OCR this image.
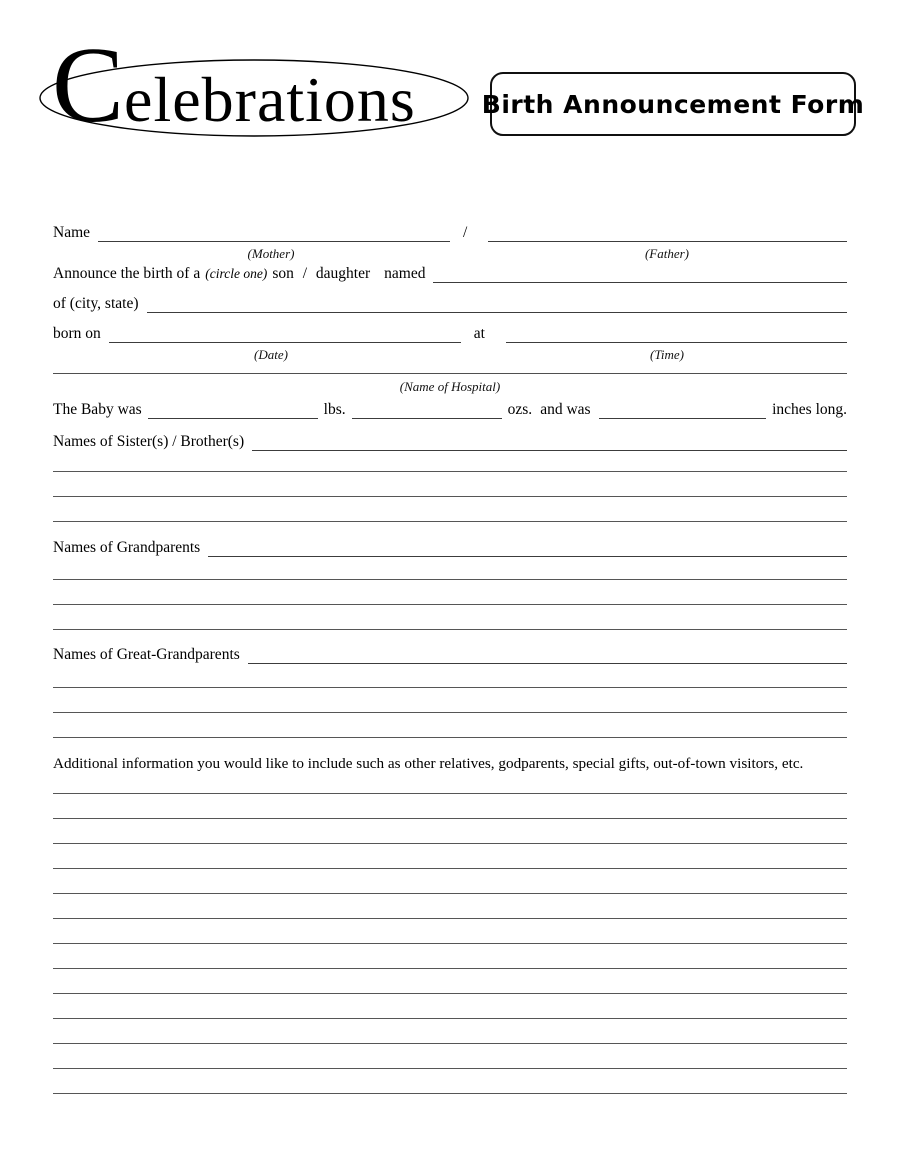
Celebrations	Birth Announcement Form
Name	/
(Mother)	(Father)
Announce the birth of a (circle one) son / daughter named
of (city, state)
born on	at
(Date)	(Time)
(Name of Hospital)
The Baby was	lbs.	ozs. and was	inches long.
Names of Sister(s) / Brother(s)
Names of Grandparents
Names of Great-Grandparents
Additional information you would like to include such as other relatives, godparents, special gifts, out-of-town visitors, etc.
